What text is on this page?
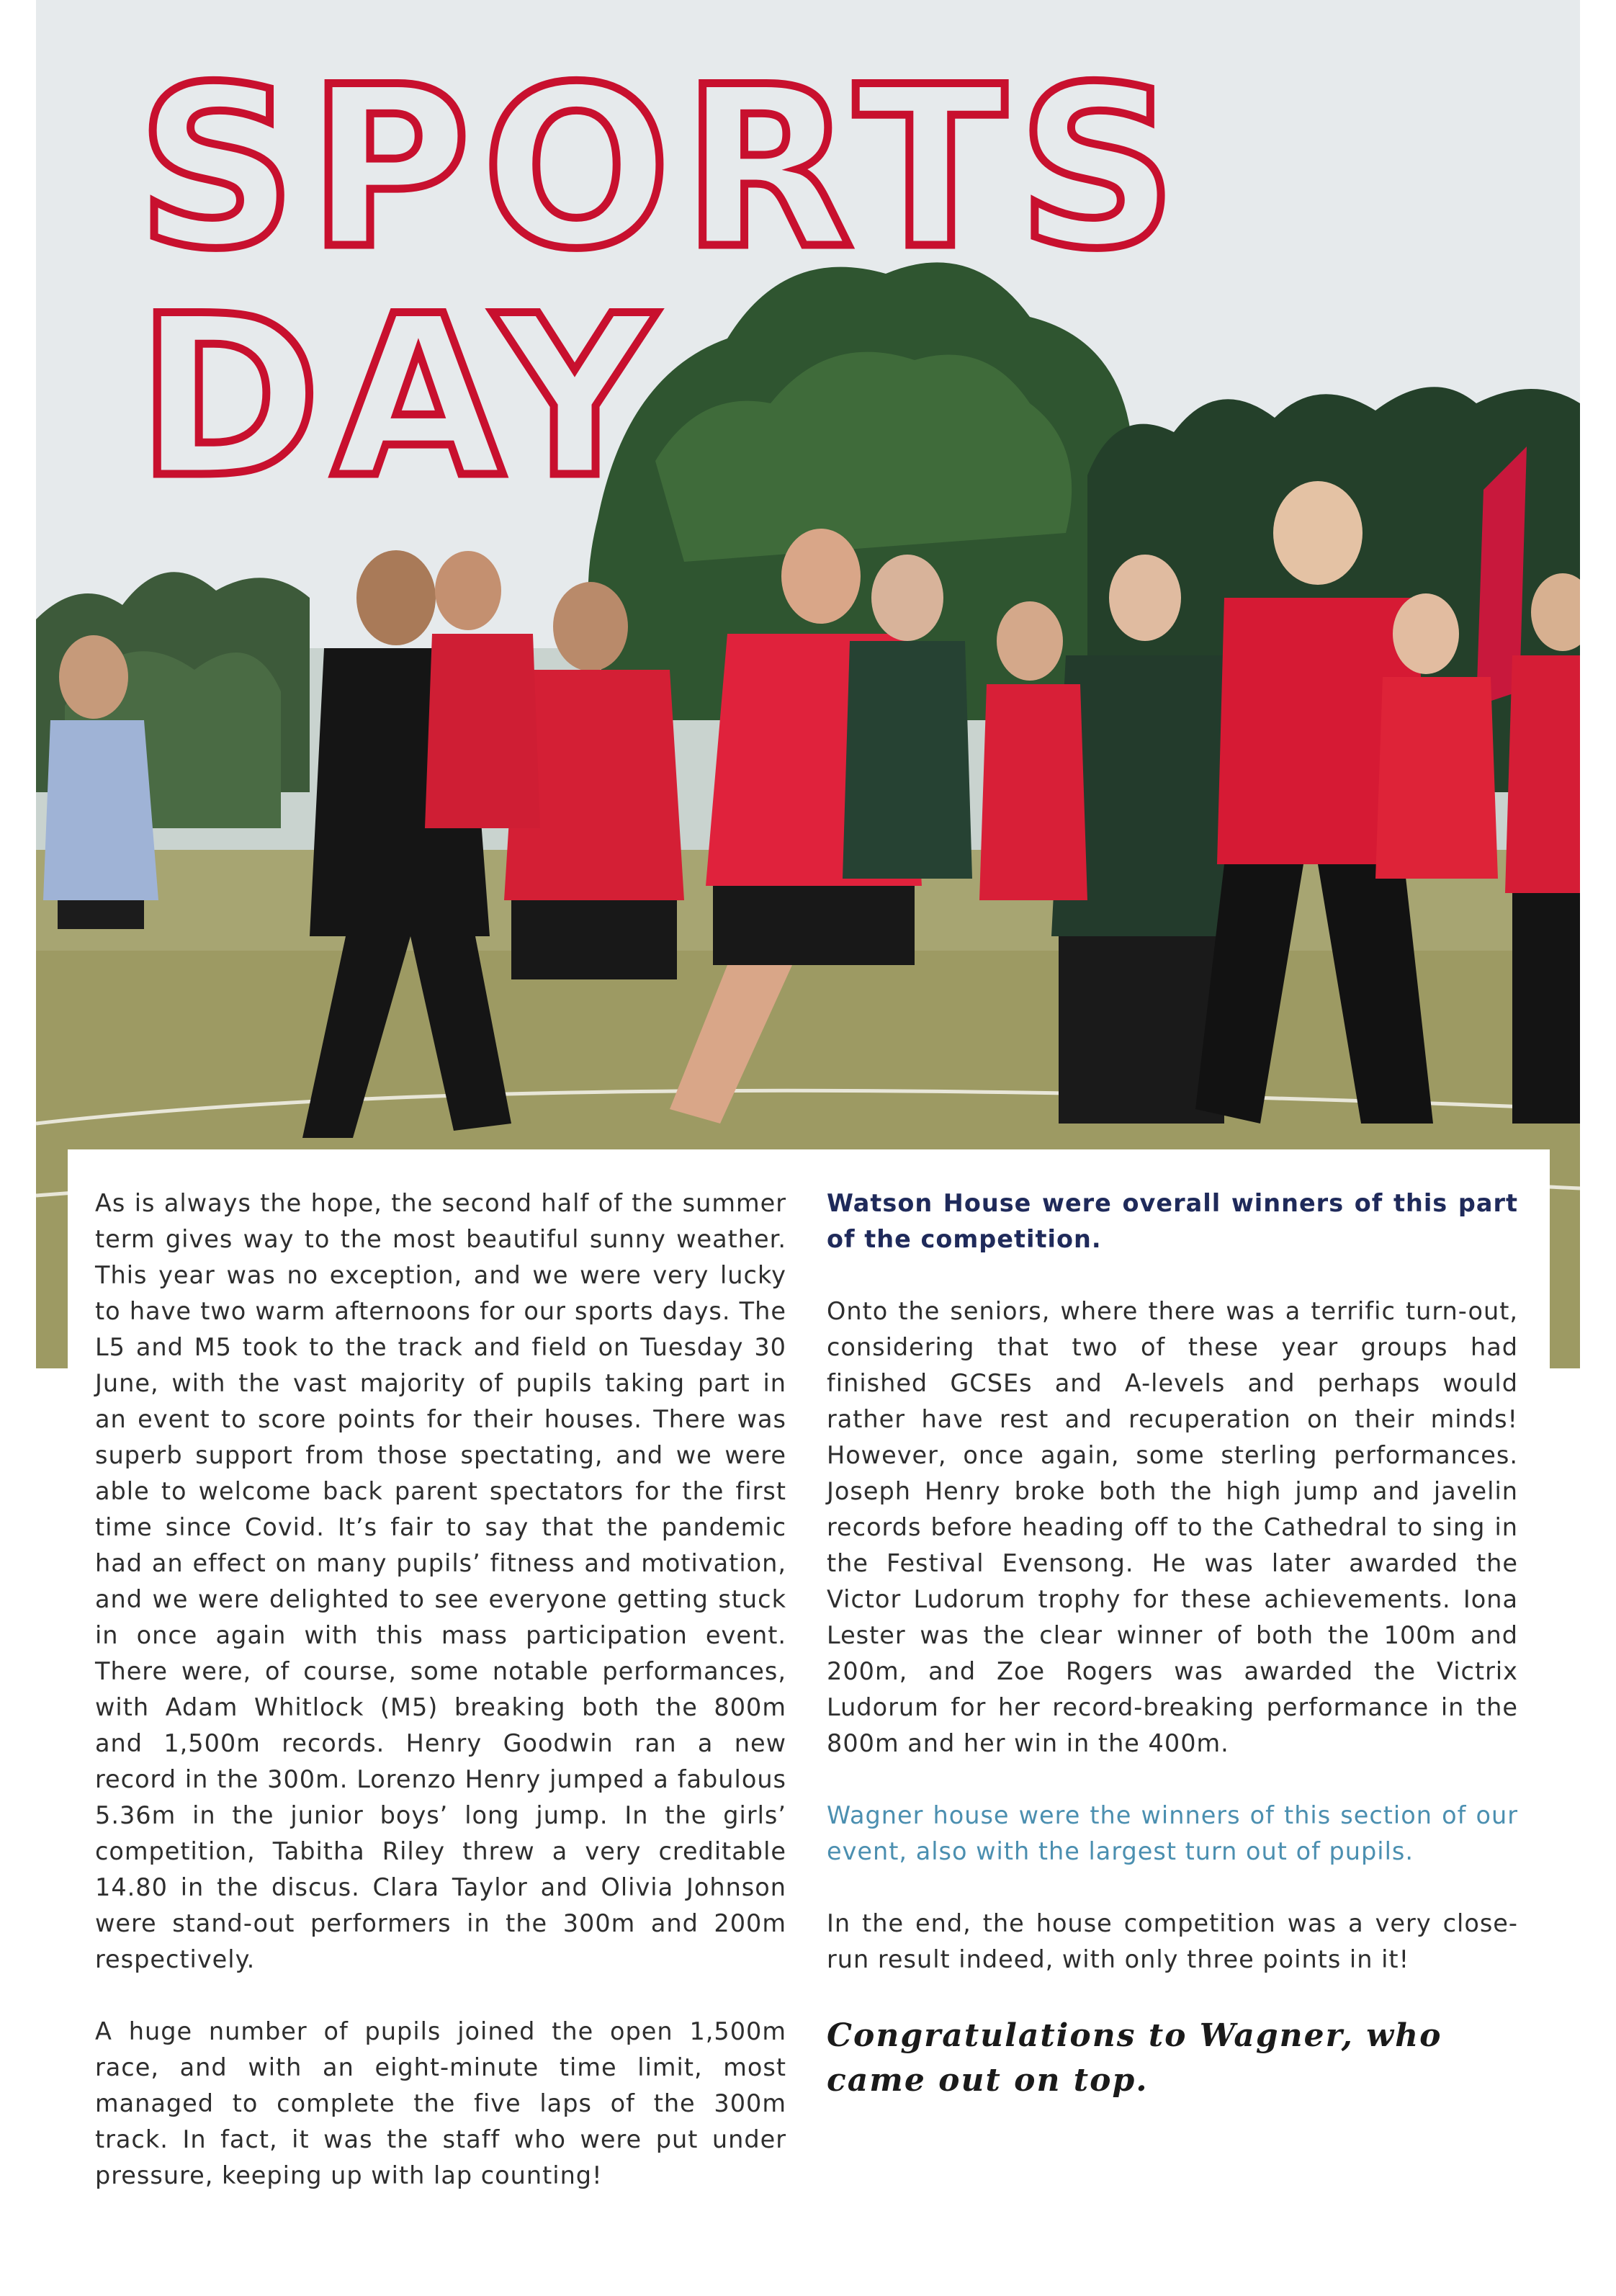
SPORTS
DAY

As is always the hope, the second half of the summer term gives way to the most beautiful sunny weather. This year was no exception, and we were very lucky to have two warm afternoons for our sports days. The L5 and M5 took to the track and field on Tuesday 30 June, with the vast majority of pupils taking part in an event to score points for their houses. There was superb support from those spectating, and we were able to welcome back parent spectators for the first time since Covid. It’s fair to say that the pandemic had an effect on many pupils’ fitness and motivation, and we were delighted to see everyone getting stuck in once again with this mass participation event. There were, of course, some notable performances, with Adam Whitlock (M5) breaking both the 800m and 1,500m records. Henry Goodwin ran a new record in the 300m. Lorenzo Henry jumped a fabulous 5.36m in the junior boys’ long jump. In the girls’ competition, Tabitha Riley threw a very creditable 14.80 in the discus. Clara Taylor and Olivia Johnson were stand-out performers in the 300m and 200m respectively.

A huge number of pupils joined the open 1,500m race, and with an eight-minute time limit, most managed to complete the five laps of the 300m track. In fact, it was the staff who were put under pressure, keeping up with lap counting!

Watson House were overall winners of this part of the competition.

Onto the seniors, where there was a terrific turn-out, considering that two of these year groups had finished GCSEs and A-levels and perhaps would rather have rest and recuperation on their minds! However, once again, some sterling performances. Joseph Henry broke both the high jump and javelin records before heading off to the Cathedral to sing in the Festival Evensong. He was later awarded the Victor Ludorum trophy for these achievements. Iona Lester was the clear winner of both the 100m and 200m, and Zoe Rogers was awarded the Victrix Ludorum for her record-breaking performance in the 800m and her win in the 400m.

Wagner house were the winners of this section of our event, also with the largest turn out of pupils.

In the end, the house competition was a very close-run result indeed, with only three points in it!

Congratulations to Wagner, who came out on top.
